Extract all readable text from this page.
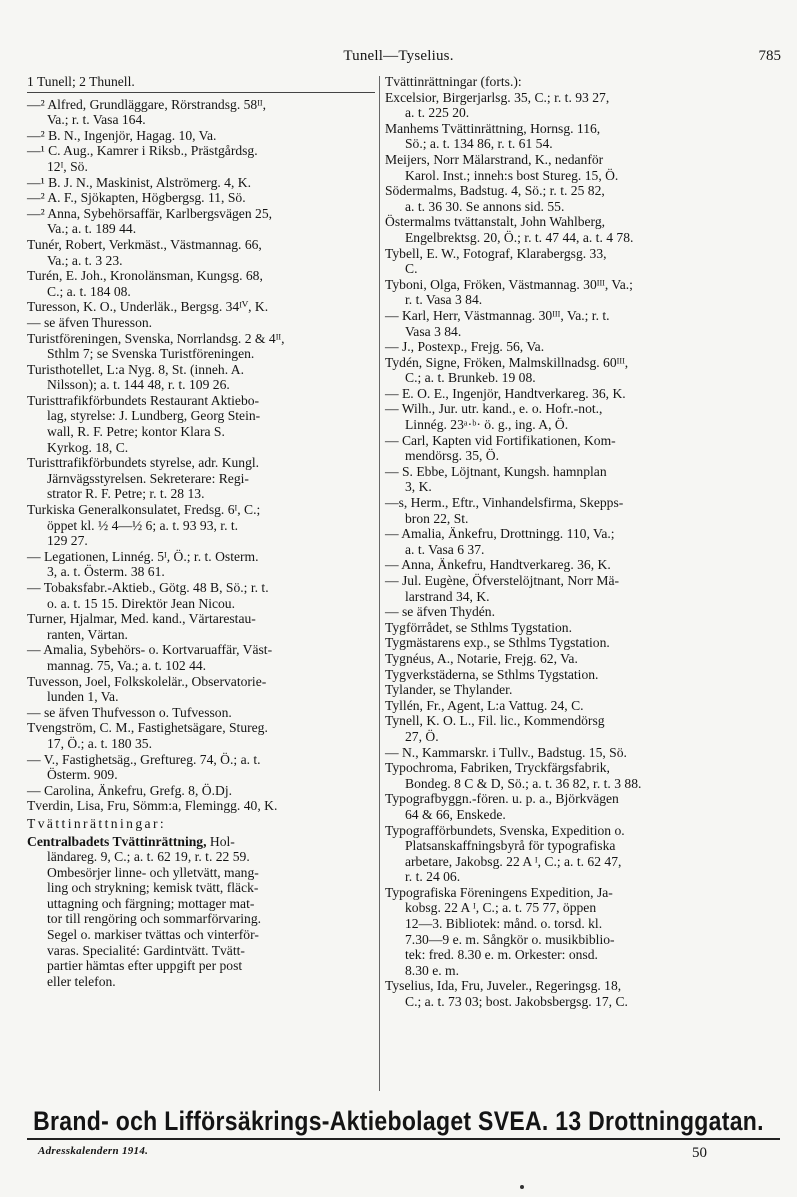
Tunell—Tyselius.	785

1 Tunell; 2 Thunell.

—² Alfred, Grundläggare, Rörstrandsg. 58ᴵᴵ,
Va.; r. t. Vasa 164.

—² B. N., Ingenjör, Hagag. 10, Va.

—¹ C. Aug., Kamrer i Riksb., Prästgårdsg.
12ᴵ, Sö.

—¹ B. J. N., Maskinist, Alströmerg. 4, K.

—² A. F., Sjökapten, Högbergsg. 11, Sö.

—² Anna, Sybehörsaffär, Karlbergsvägen 25,
Va.; a. t. 189 44.

Tunér, Robert, Verkmäst., Västmannag. 66,
Va.; a. t. 3 23.

Turén, E. Joh., Kronolänsman, Kungsg. 68,
C.; a. t. 184 08.

Turesson, K. O., Underläk., Bergsg. 34ᴵⱽ, K.

— se äfven Thuresson.

Turistföreningen, Svenska, Norrlandsg. 2 & 4ᴵᴵ,
Sthlm 7; se Svenska Turistföreningen.

Turisthotellet, L:a Nyg. 8, St. (inneh. A.
Nilsson); a. t. 144 48, r. t. 109 26.

Turisttrafikförbundets Restaurant Aktiebo-
lag, styrelse: J. Lundberg, Georg Stein-
wall, R. F. Petre; kontor Klara S.
Kyrkog. 18, C.

Turisttrafikförbundets styrelse, adr. Kungl.
Järnvägsstyrelsen. Sekreterare: Regi-
strator R. F. Petre; r. t. 28 13.

Turkiska Generalkonsulatet, Fredsg. 6ᴵ, C.;
öppet kl. ½ 4—½ 6; a. t. 93 93, r. t.
129 27.

— Legationen, Linnég. 5ᴵ, Ö.; r. t. Osterm.
3, a. t. Österm. 38 61.

— Tobaksfabr.-Aktieb., Götg. 48 B, Sö.; r. t.
o. a. t. 15 15. Direktör Jean Nicou.

Turner, Hjalmar, Med. kand., Värtarestau-
ranten, Värtan.

— Amalia, Sybehörs- o. Kortvaruaffär, Väst-
mannag. 75, Va.; a. t. 102 44.

Tuvesson, Joel, Folkskolelär., Observatorie-
lunden 1, Va.

— se äfven Thufvesson o. Tufvesson.

Tvengström, C. M., Fastighetsägare, Stureg.
17, Ö.; a. t. 180 35.

— V., Fastighetsäg., Greftureg. 74, Ö.; a. t.
Österm. 909.

— Carolina, Änkefru, Grefg. 8, Ö.Dj.

Tverdin, Lisa, Fru, Sömm:a, Flemingg. 40, K.

Tvättinrättningar:

Centralbadets Tvättinrättning, Hol-
ländareg. 9, C.; a. t. 62 19, r. t. 22 59.
Ombesörjer linne- och ylletvätt, mang-
ling och strykning; kemisk tvätt, fläck-
uttagning och färgning; mottager mat-
tor till rengöring och sommarförvaring.
Segel o. markiser tvättas och vinterför-
varas. Specialité: Gardintvätt. Tvätt-
partier hämtas efter uppgift per post
eller telefon.

Tvättinrättningar (forts.):

Excelsior, Birgerjarlsg. 35, C.; r. t. 93 27,
a. t. 225 20.

Manhems Tvättinrättning, Hornsg. 116,
Sö.; a. t. 134 86, r. t. 61 54.

Meijers, Norr Mälarstrand, K., nedanför
Karol. Inst.; inneh:s bost Stureg. 15, Ö.

Södermalms, Badstug. 4, Sö.; r. t. 25 82,
a. t. 36 30. Se annons sid. 55.

Östermalms tvättanstalt, John Wahlberg,
Engelbrektsg. 20, Ö.; r. t. 47 44, a. t. 4 78.

Tybell, E. W., Fotograf, Klarabergsg. 33,
C.

Tyboni, Olga, Fröken, Västmannag. 30ᴵᴵᴵ, Va.;
r. t. Vasa 3 84.

— Karl, Herr, Västmannag. 30ᴵᴵᴵ, Va.; r. t.
Vasa 3 84.

— J., Postexp., Frejg. 56, Va.

Tydén, Signe, Fröken, Malmskillnadsg. 60ᴵᴵᴵ,
C.; a. t. Brunkeb. 19 08.

— E. O. E., Ingenjör, Handtverkareg. 36, K.

— Wilh., Jur. utr. kand., e. o. Hofr.-not.,
Linnég. 23ᵃ·ᵇ· ö. g., ing. A, Ö.

— Carl, Kapten vid Fortifikationen, Kom-
mendörsg. 35, Ö.

— S. Ebbe, Löjtnant, Kungsh. hamnplan
3, K.

—s, Herm., Eftr., Vinhandelsfirma, Skepps-
bron 22, St.

— Amalia, Änkefru, Drottningg. 110, Va.;
a. t. Vasa 6 37.

— Anna, Änkefru, Handtverkareg. 36, K.

— Jul. Eugène, Öfverstelöjtnant, Norr Mä-
larstrand 34, K.

— se äfven Thydén.

Tygförrådet, se Sthlms Tygstation.

Tygmästarens exp., se Sthlms Tygstation.

Tygnéus, A., Notarie, Frejg. 62, Va.

Tygverkstäderna, se Sthlms Tygstation.

Tylander, se Thylander.

Tyllén, Fr., Agent, L:a Vattug. 24, C.

Tynell, K. O. L., Fil. lic., Kommendörsg
27, Ö.

— N., Kammarskr. i Tullv., Badstug. 15, Sö.

Typochroma, Fabriken, Tryckfärgsfabrik,
Bondeg. 8 C & D, Sö.; a. t. 36 82, r. t. 3 88.

Typografbyggn.-fören. u. p. a., Björkvägen
64 & 66, Enskede.

Typografförbundets, Svenska, Expedition o.
Platsanskaffningsbyrå för typografiska
arbetare, Jakobsg. 22 A ᴵ, C.; a. t. 62 47,
r. t. 24 06.

Typografiska Föreningens Expedition, Ja-
kobsg. 22 A ᴵ, C.; a. t. 75 77, öppen
12—3. Bibliotek: månd. o. torsd. kl.
7.30—9 e. m. Sångkör o. musikbiblio-
tek: fred. 8.30 e. m. Orkester: onsd.
8.30 e. m.

Tyselius, Ida, Fru, Juveler., Regeringsg. 18,
C.; a. t. 73 03; bost. Jakobsbergsg. 17, C.

Brand- och Lifförsäkrings-Aktiebolaget SVEA. 13 Drottninggatan.
Adresskalendern 1914.	50
